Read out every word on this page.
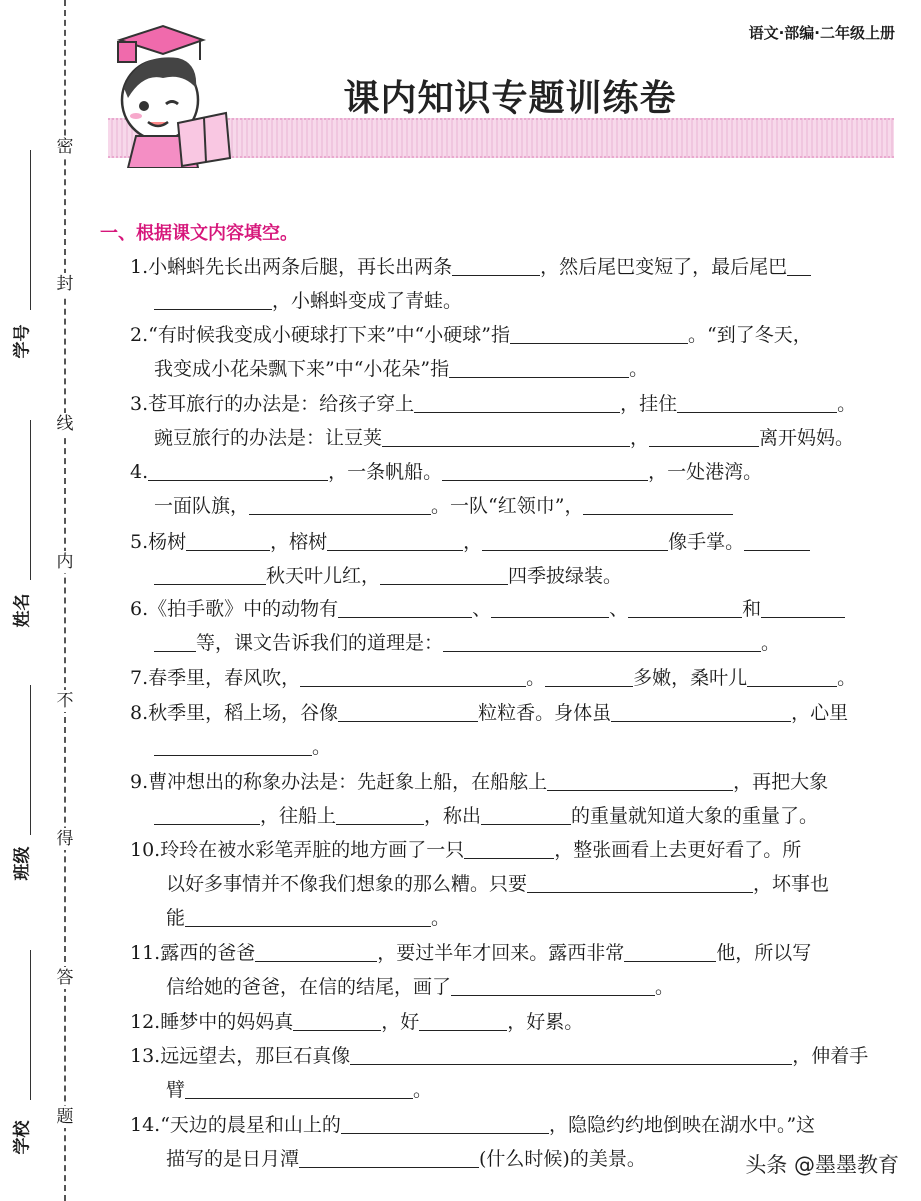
密
封
线
内
不
得
答
题
学号
姓名
班级
学校
语文·部编·二年级上册
课内知识专题训练卷
一、根据课文内容填空。
1.小蝌蚪先长出两条后腿，再长出两条	，然后尾巴变短了，最后尾巴
，小蝌蚪变成了青蛙。
2.“有时候我变成小硬球打下来”中“小硬球”指	。“到了冬天，
我变成小花朵飘下来”中“小花朵”指	。
3.苍耳旅行的办法是：给孩子穿上	，挂住	。
豌豆旅行的办法是：让豆荚	，	离开妈妈。
4.	，一条帆船。	，一处港湾。
一面队旗，	。一队“红领巾”，
5.杨树	，榕树	，	像手掌。
秋天叶儿红，	四季披绿装。
6.《拍手歌》中的动物有	、	、	和
等，课文告诉我们的道理是：	。
7.春季里，春风吹，	。	多嫩，桑叶儿	。
8.秋季里，稻上场，谷像	粒粒香。身体虽	，心里
。
9.曹冲想出的称象办法是：先赶象上船，在船舷上	，再把大象
，往船上	，称出	的重量就知道大象的重量了。
10.玲玲在被水彩笔弄脏的地方画了一只	，整张画看上去更好看了。所
以好多事情并不像我们想象的那么糟。只要	，坏事也
能	。
11.露西的爸爸	，要过半年才回来。露西非常	他，所以写
信给她的爸爸，在信的结尾，画了	。
12.睡梦中的妈妈真	，好	，好累。
13.远远望去，那巨石真像	，伸着手
臂	。
14.“天边的晨星和山上的	，隐隐约约地倒映在湖水中。”这
描写的是日月潭	(什么时候)的美景。	头条 @墨墨教育
